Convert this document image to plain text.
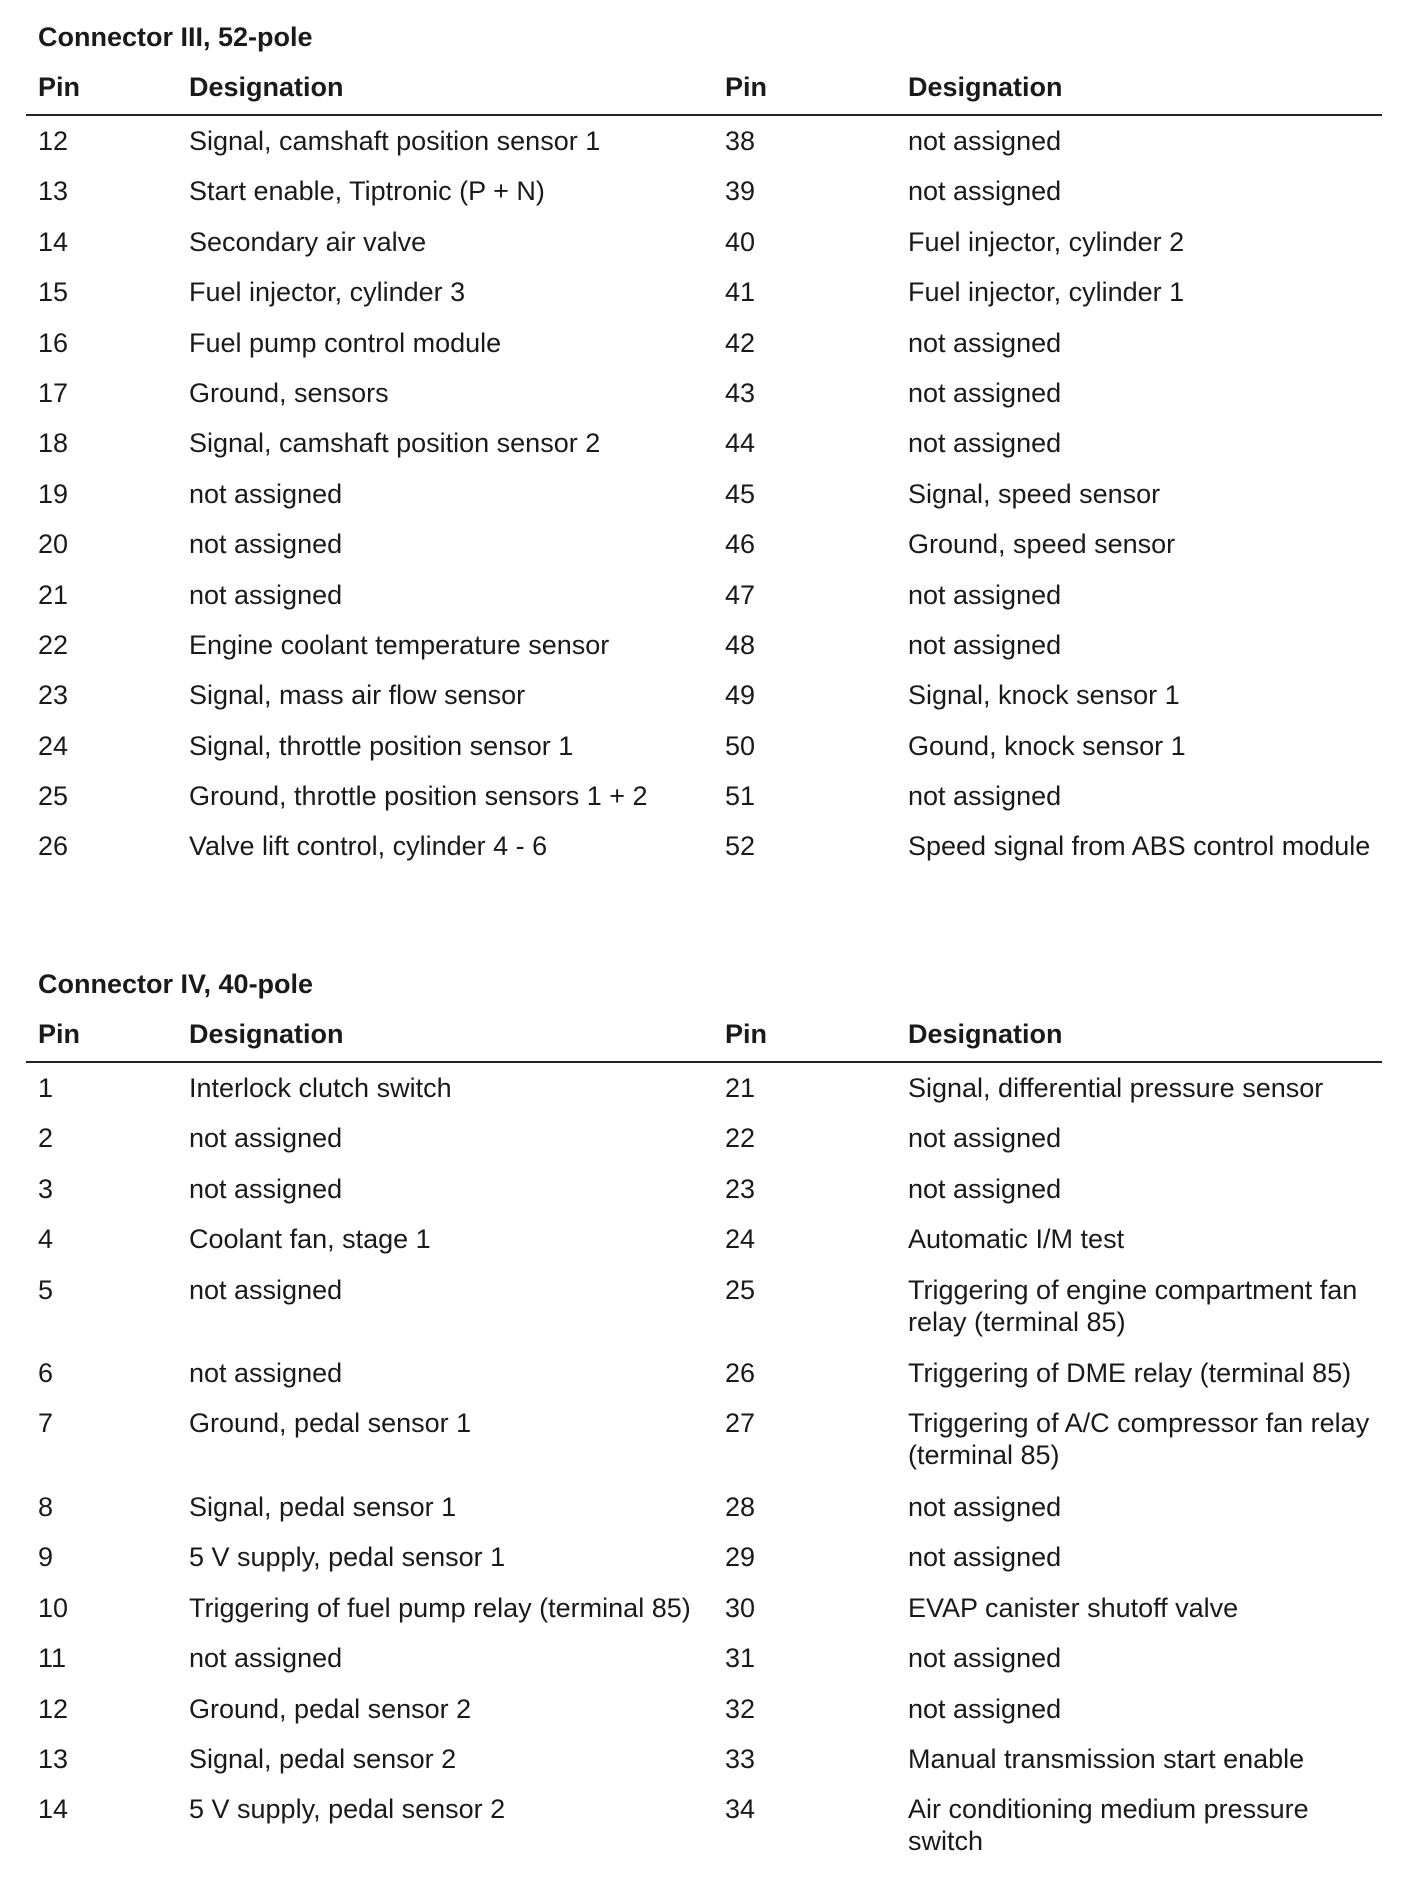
Connector III, 52-pole
Pin	Designation	Pin	Designation
12	Signal, camshaft position sensor 1	38	not assigned
13	Start enable, Tiptronic (P + N)	39	not assigned
14	Secondary air valve	40	Fuel injector, cylinder 2
15	Fuel injector, cylinder 3	41	Fuel injector, cylinder 1
16	Fuel pump control module	42	not assigned
17	Ground, sensors	43	not assigned
18	Signal, camshaft position sensor 2	44	not assigned
19	not assigned	45	Signal, speed sensor
20	not assigned	46	Ground, speed sensor
21	not assigned	47	not assigned
22	Engine coolant temperature sensor	48	not assigned
23	Signal, mass air flow sensor	49	Signal, knock sensor 1
24	Signal, throttle position sensor 1	50	Gound, knock sensor 1
25	Ground, throttle position sensors 1 + 2	51	not assigned
26	Valve lift control, cylinder 4 - 6	52	Speed signal from ABS control module
Connector IV, 40-pole
Pin	Designation	Pin	Designation
1	Interlock clutch switch	21	Signal, differential pressure sensor
2	not assigned	22	not assigned
3	not assigned	23	not assigned
4	Coolant fan, stage 1	24	Automatic I/M test
5	not assigned	25	Triggering of engine compartment fan relay (terminal 85)
6	not assigned	26	Triggering of DME relay (terminal 85)
7	Ground, pedal sensor 1	27	Triggering of A/C compressor fan relay (terminal 85)
8	Signal, pedal sensor 1	28	not assigned
9	5 V supply, pedal sensor 1	29	not assigned
10	Triggering of fuel pump relay (terminal 85)	30	EVAP canister shutoff valve
11	not assigned	31	not assigned
12	Ground, pedal sensor 2	32	not assigned
13	Signal, pedal sensor 2	33	Manual transmission start enable
14	5 V supply, pedal sensor 2	34	Air conditioning medium pressure switch
